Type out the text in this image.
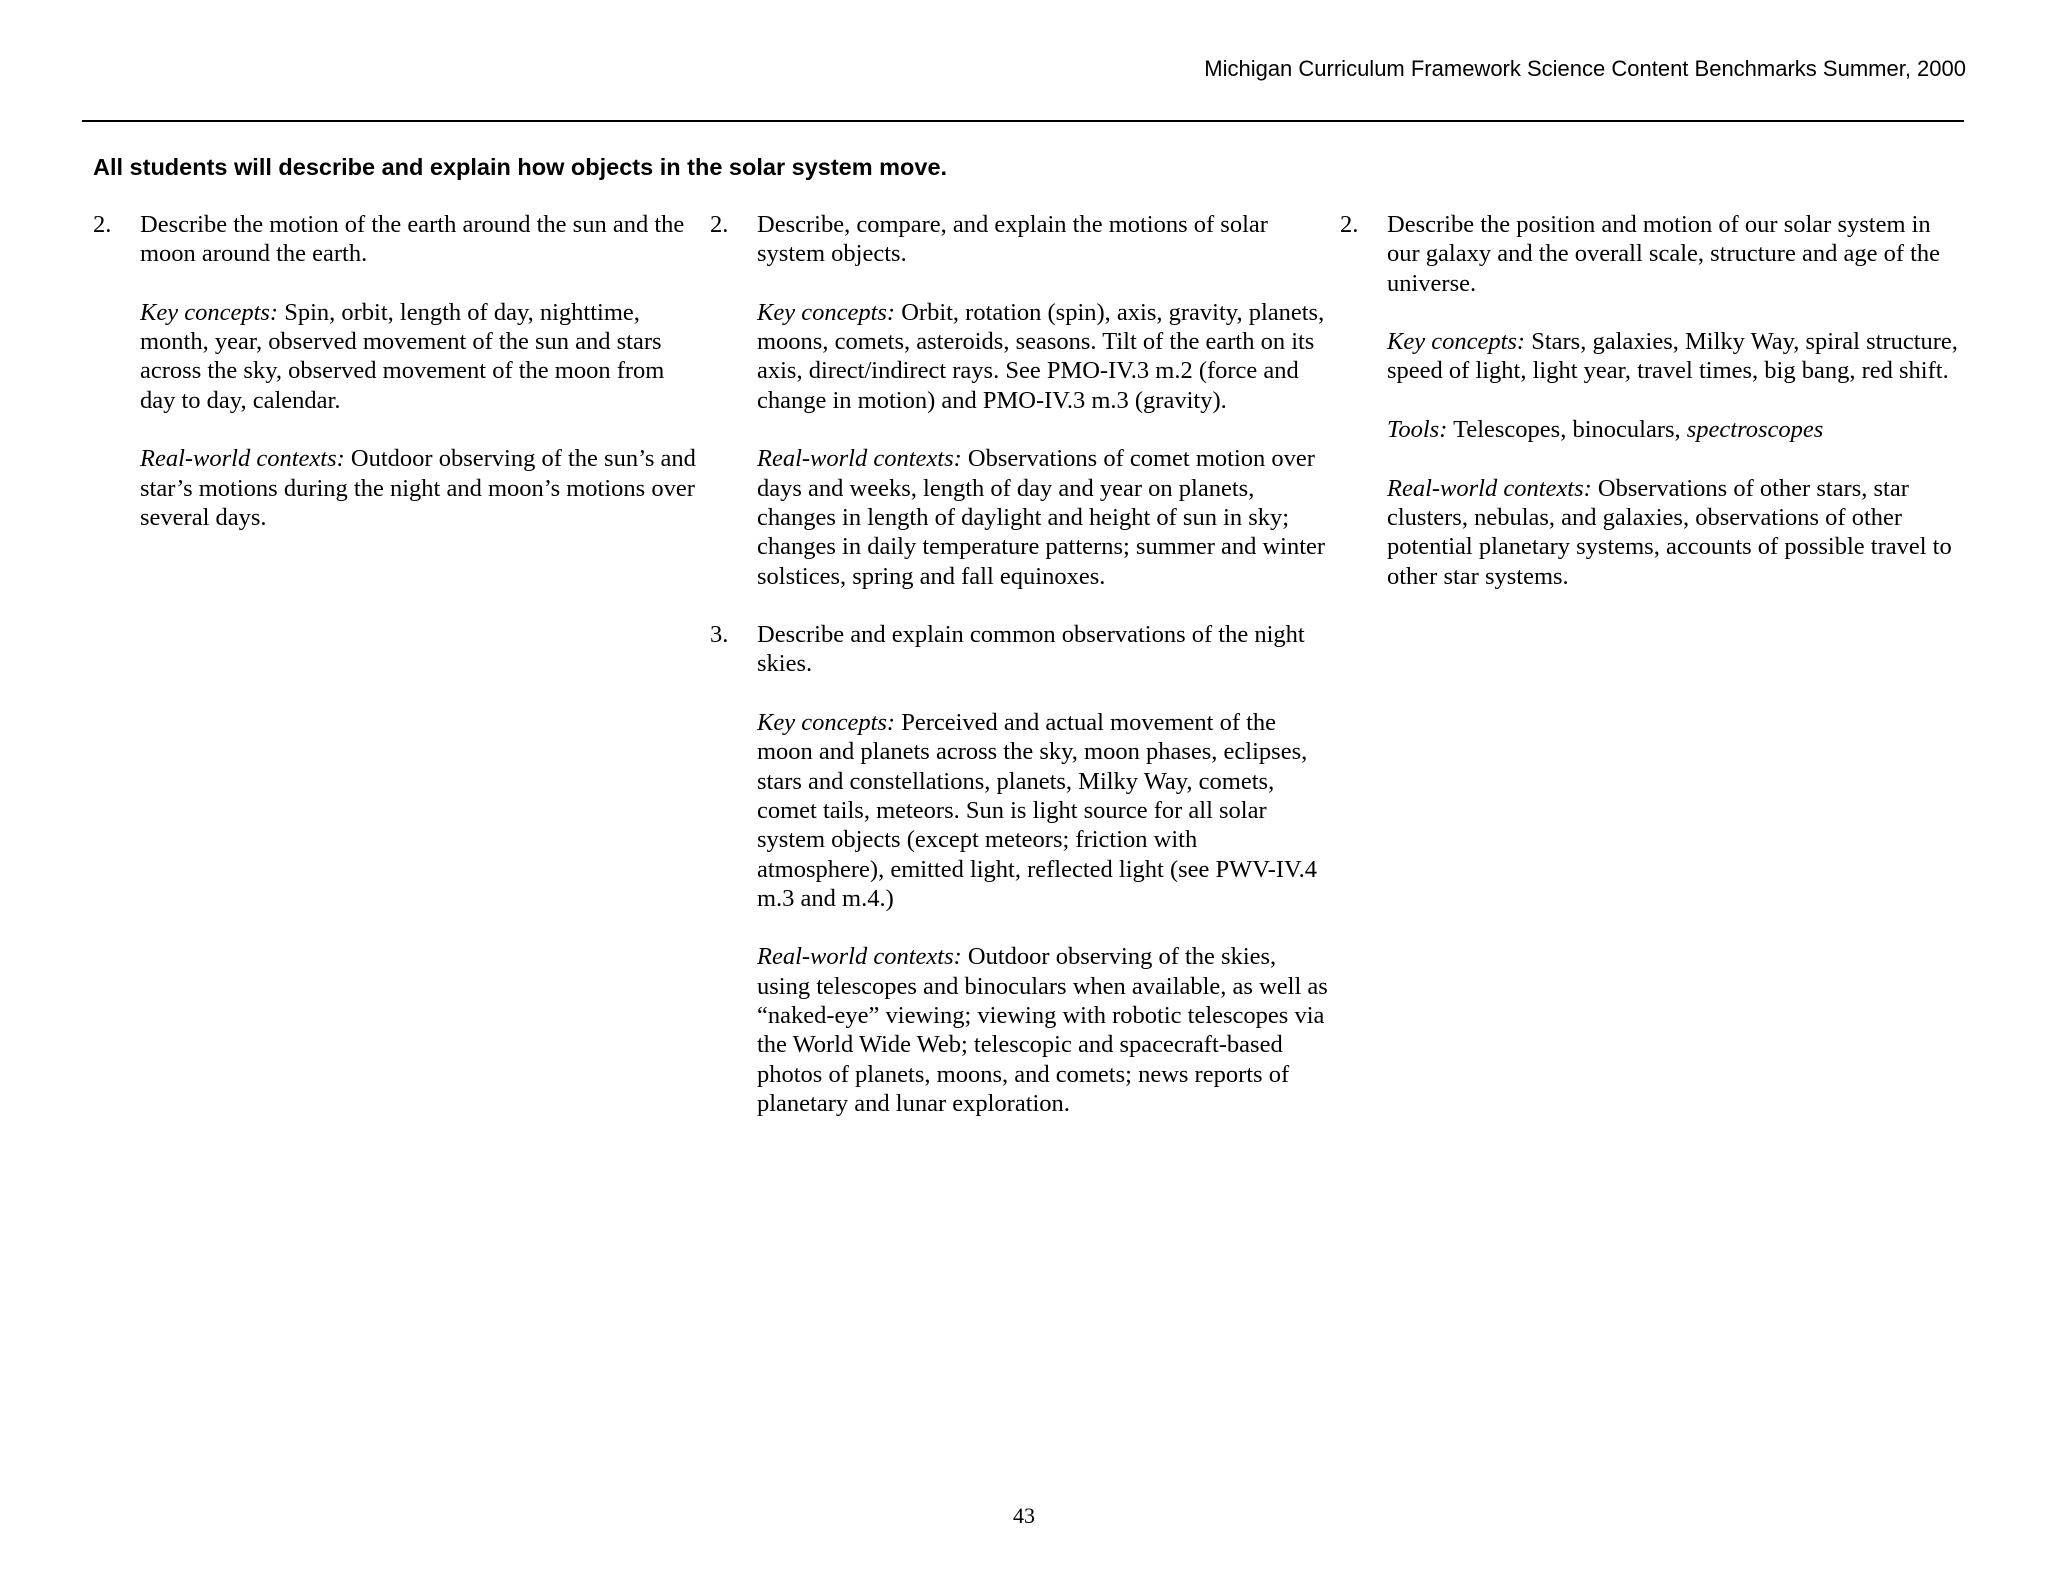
Michigan Curriculum Framework Science Content Benchmarks Summer, 2000
All students will describe and explain how objects in the solar system move.
2. Describe the motion of the earth around the sun and the moon around the earth.

Key concepts: Spin, orbit, length of day, nighttime, month, year, observed movement of the sun and stars across the sky, observed movement of the moon from day to day, calendar.

Real-world contexts: Outdoor observing of the sun’s and star’s motions during the night and moon’s motions over several days.

2. Describe, compare, and explain the motions of solar system objects.

Key concepts: Orbit, rotation (spin), axis, gravity, planets, moons, comets, asteroids, seasons. Tilt of the earth on its axis, direct/indirect rays. See PMO-IV.3 m.2 (force and change in motion) and PMO-IV.3 m.3 (gravity).

Real-world contexts: Observations of comet motion over days and weeks, length of day and year on planets, changes in length of daylight and height of sun in sky; changes in daily temperature patterns; summer and winter solstices, spring and fall equinoxes.

3. Describe and explain common observations of the night skies.

Key concepts: Perceived and actual movement of the moon and planets across the sky, moon phases, eclipses, stars and constellations, planets, Milky Way, comets, comet tails, meteors. Sun is light source for all solar system objects (except meteors; friction with atmosphere), emitted light, reflected light (see PWV-IV.4 m.3 and m.4.)

Real-world contexts: Outdoor observing of the skies, using telescopes and binoculars when available, as well as “naked-eye” viewing; viewing with robotic telescopes via the World Wide Web; telescopic and spacecraft-based photos of planets, moons, and comets; news reports of planetary and lunar exploration.

2. Describe the position and motion of our solar system in our galaxy and the overall scale, structure and age of the universe.

Key concepts: Stars, galaxies, Milky Way, spiral structure, speed of light, light year, travel times, big bang, red shift.

Tools: Telescopes, binoculars, spectroscopes

Real-world contexts: Observations of other stars, star clusters, nebulas, and galaxies, observations of other potential planetary systems, accounts of possible travel to other star systems.

43
